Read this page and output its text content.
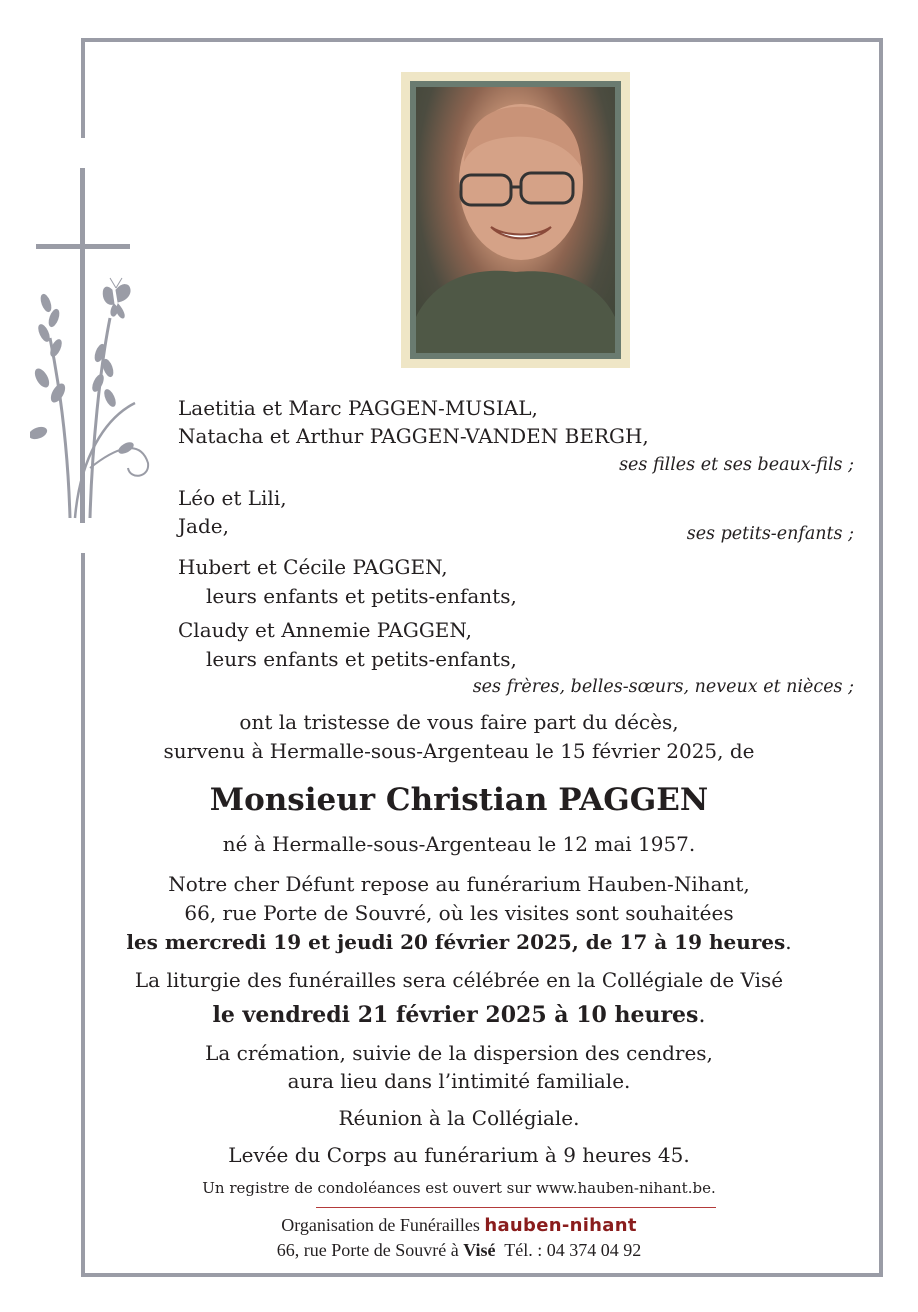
Laetitia et Marc PAGGEN-MUSIAL,
Natacha et Arthur PAGGEN-VANDEN BERGH,
ses filles et ses beaux-fils ;
Léo et Lili,
Jade,	ses petits-enfants ;
Hubert et Cécile PAGGEN,
leurs enfants et petits-enfants,
Claudy et Annemie PAGGEN,
leurs enfants et petits-enfants,
ses frères, belles-sœurs, neveux et nièces ;
ont la tristesse de vous faire part du décès,
survenu à Hermalle-sous-Argenteau le 15 février 2025, de
Monsieur Christian PAGGEN
né à Hermalle-sous-Argenteau le 12 mai 1957.
Notre cher Défunt repose au funérarium Hauben-Nihant,
66, rue Porte de Souvré, où les visites sont souhaitées
les mercredi 19 et jeudi 20 février 2025, de 17 à 19 heures.
La liturgie des funérailles sera célébrée en la Collégiale de Visé
le vendredi 21 février 2025 à 10 heures.
La crémation, suivie de la dispersion des cendres,
aura lieu dans l’intimité familiale.
Réunion à la Collégiale.
Levée du Corps au funérarium à 9 heures 45.
Un registre de condoléances est ouvert sur www.hauben-nihant.be.
Organisation de Funérailles hauben-nihant
66, rue Porte de Souvré à Visé Tél. : 04 374 04 92
